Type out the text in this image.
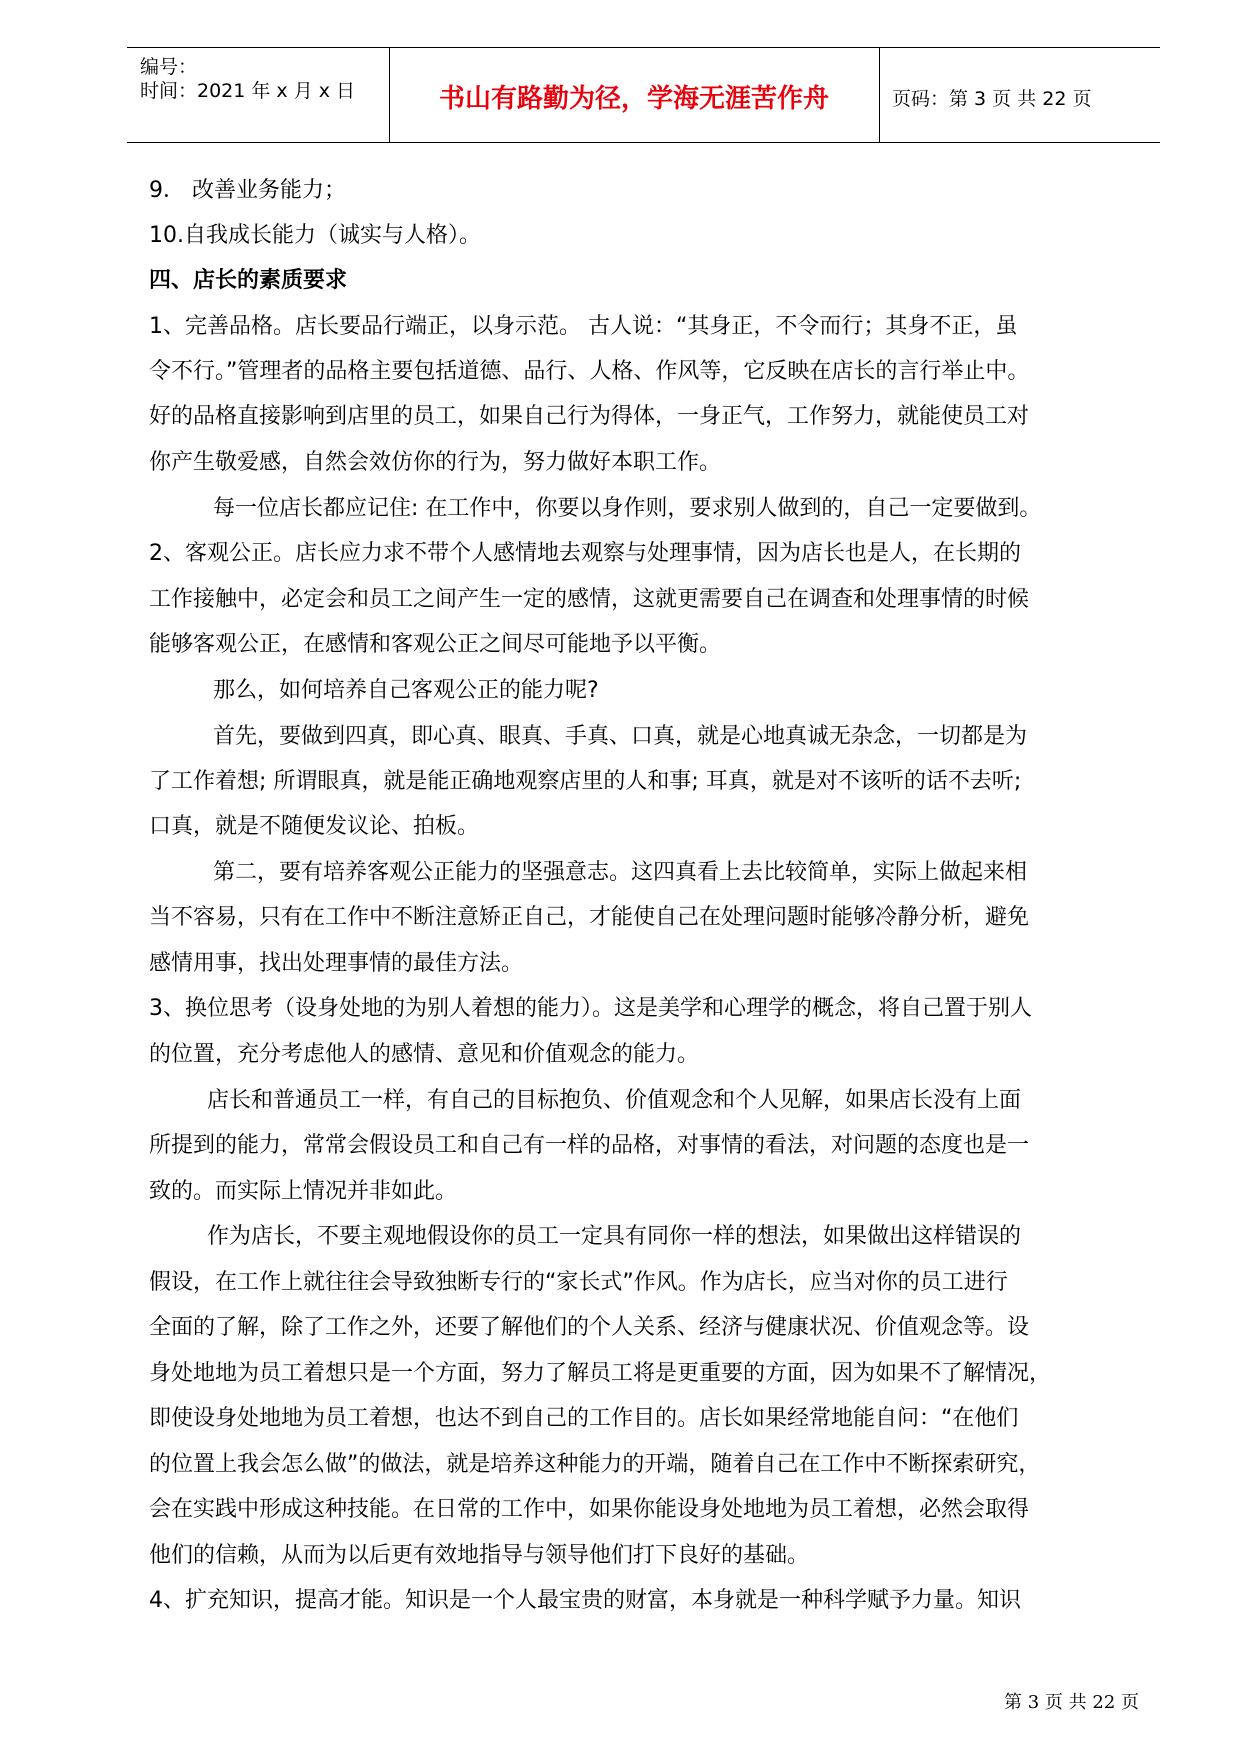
编号：
时间：2021 年 x 月 x 日	书山有路勤为径，学海无涯苦作舟	页码：第 3 页 共 22 页
9． 改善业务能力；
10.自我成长能力（诚实与人格）。
四、店长的素质要求
1、完善品格。店长要品行端正，以身示范。 古人说：“其身正，不令而行；其身不正，虽
令不行。”管理者的品格主要包括道德、品行、人格、作风等，它反映在店长的言行举止中。
好的品格直接影响到店里的员工，如果自己行为得体，一身正气，工作努力，就能使员工对
你产生敬爱感，自然会效仿你的行为，努力做好本职工作。
每一位店长都应记住: 在工作中，你要以身作则，要求别人做到的，自己一定要做到。
2、客观公正。店长应力求不带个人感情地去观察与处理事情，因为店长也是人，在长期的
工作接触中，必定会和员工之间产生一定的感情，这就更需要自己在调查和处理事情的时候
能够客观公正，在感情和客观公正之间尽可能地予以平衡。
那么，如何培养自己客观公正的能力呢?
首先，要做到四真，即心真、眼真、手真、口真，就是心地真诚无杂念，一切都是为
了工作着想; 所谓眼真，就是能正确地观察店里的人和事; 耳真，就是对不该听的话不去听;
口真，就是不随便发议论、拍板。
第二，要有培养客观公正能力的坚强意志。这四真看上去比较简单，实际上做起来相
当不容易，只有在工作中不断注意矫正自己，才能使自己在处理问题时能够冷静分析，避免
感情用事，找出处理事情的最佳方法。
3、换位思考（设身处地的为别人着想的能力）。这是美学和心理学的概念，将自己置于别人
的位置，充分考虑他人的感情、意见和价值观念的能力。
店长和普通员工一样，有自己的目标抱负、价值观念和个人见解，如果店长没有上面
所提到的能力，常常会假设员工和自己有一样的品格，对事情的看法，对问题的态度也是一
致的。而实际上情况并非如此。
作为店长，不要主观地假设你的员工一定具有同你一样的想法，如果做出这样错误的
假设，在工作上就往往会导致独断专行的“家长式”作风。作为店长，应当对你的员工进行
全面的了解，除了工作之外，还要了解他们的个人关系、经济与健康状况、价值观念等。设
身处地地为员工着想只是一个方面，努力了解员工将是更重要的方面，因为如果不了解情况，
即使设身处地地为员工着想，也达不到自己的工作目的。店长如果经常地能自问：“在他们
的位置上我会怎么做”的做法，就是培养这种能力的开端，随着自己在工作中不断探索研究，
会在实践中形成这种技能。在日常的工作中，如果你能设身处地地为员工着想，必然会取得
他们的信赖，从而为以后更有效地指导与领导他们打下良好的基础。
4、扩充知识，提高才能。知识是一个人最宝贵的财富，本身就是一种科学赋予力量。知识
第 3 页 共 22 页
